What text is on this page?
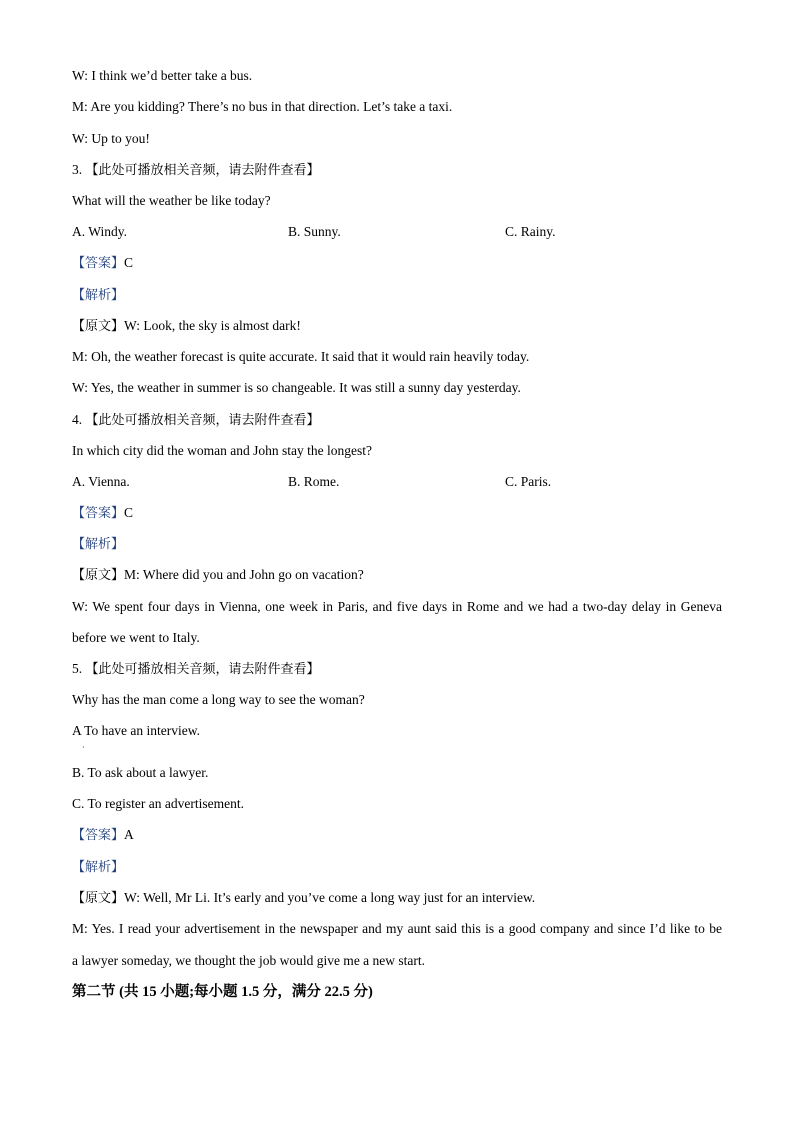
W: I think we’d better take a bus.
M: Are you kidding? There’s no bus in that direction. Let’s take a taxi.
W: Up to you!
3. 【此处可播放相关音频，请去附件查看】
What will the weather be like today?
A. Windy.	B. Sunny.	C. Rainy.
【答案】C
【解析】
【原文】W: Look, the sky is almost dark!
M: Oh, the weather forecast is quite accurate. It said that it would rain heavily today.
W: Yes, the weather in summer is so changeable. It was still a sunny day yesterday.
4. 【此处可播放相关音频，请去附件查看】
In which city did the woman and John stay the longest?
A. Vienna.	B. Rome.	C. Paris.
【答案】C
【解析】
【原文】M: Where did you and John go on vacation?
W: We spent four days in Vienna, one week in Paris, and five days in Rome and we had a two-day delay in Geneva
before we went to Italy.
5. 【此处可播放相关音频，请去附件查看】
Why has the man come a long way to see the woman?
A To have an interview.
·
B. To ask about a lawyer.
C. To register an advertisement.
【答案】A
【解析】
【原文】W: Well, Mr Li. It’s early and you’ve come a long way just for an interview.
M: Yes. I read your advertisement in the newspaper and my aunt said this is a good company and since I’d like to be
a lawyer someday, we thought the job would give me a new start.
第二节 (共 15 小题;每小题 1.5 分，满分 22.5 分)
